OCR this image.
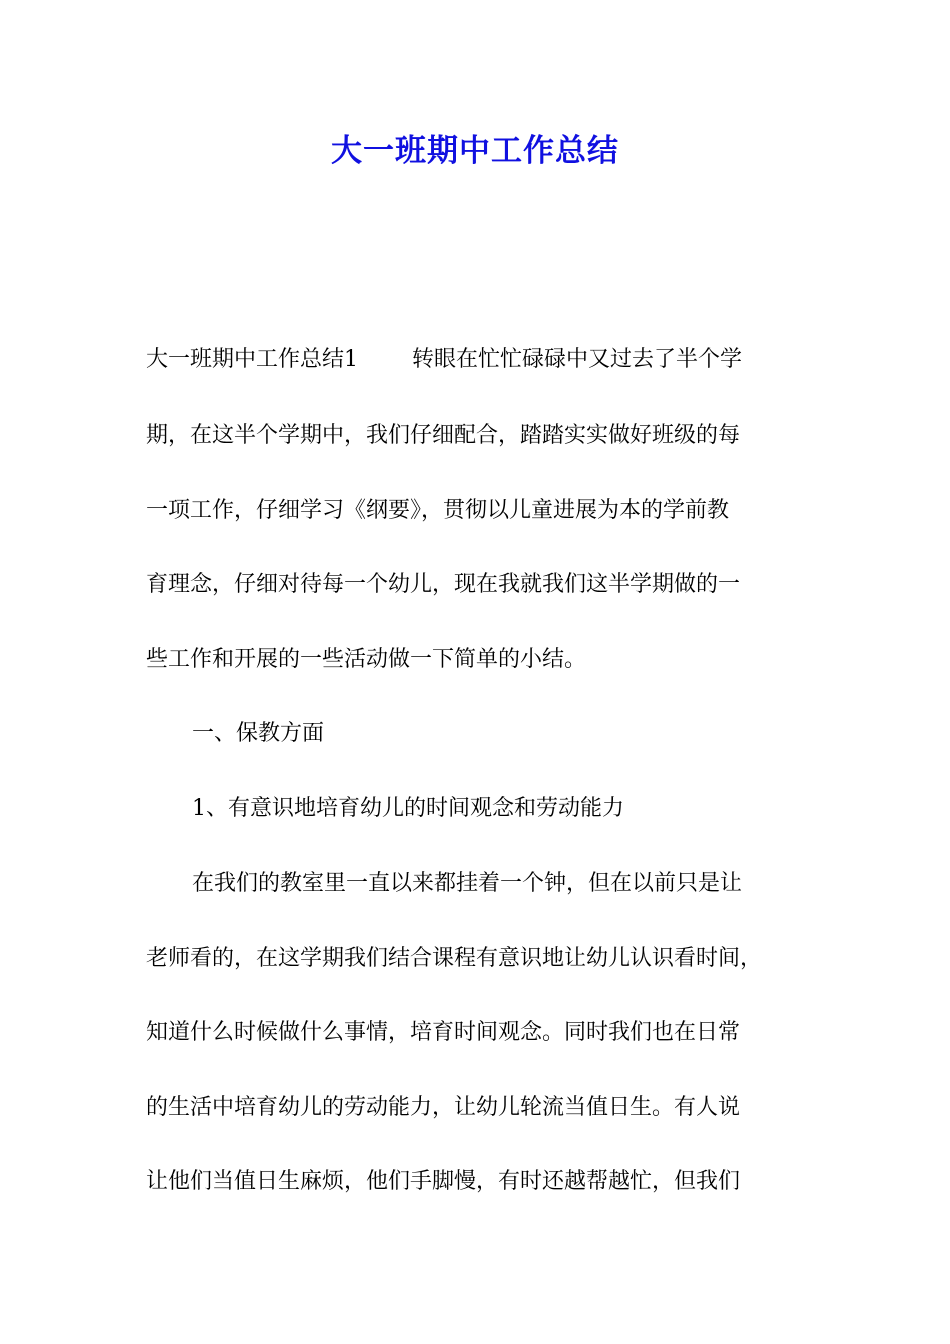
大一班期中工作总结

大一班期中工作总结1 转眼在忙忙碌碌中又过去了半个学

期，在这半个学期中，我们仔细配合，踏踏实实做好班级的每

一项工作，仔细学习《纲要》，贯彻以儿童进展为本的学前教

育理念，仔细对待每一个幼儿，现在我就我们这半学期做的一

些工作和开展的一些活动做一下简单的小结。

一、保教方面

1、有意识地培育幼儿的时间观念和劳动能力

在我们的教室里一直以来都挂着一个钟，但在以前只是让

老师看的，在这学期我们结合课程有意识地让幼儿认识看时间，

知道什么时候做什么事情，培育时间观念。同时我们也在日常

的生活中培育幼儿的劳动能力，让幼儿轮流当值日生。有人说

让他们当值日生麻烦，他们手脚慢，有时还越帮越忙，但我们
